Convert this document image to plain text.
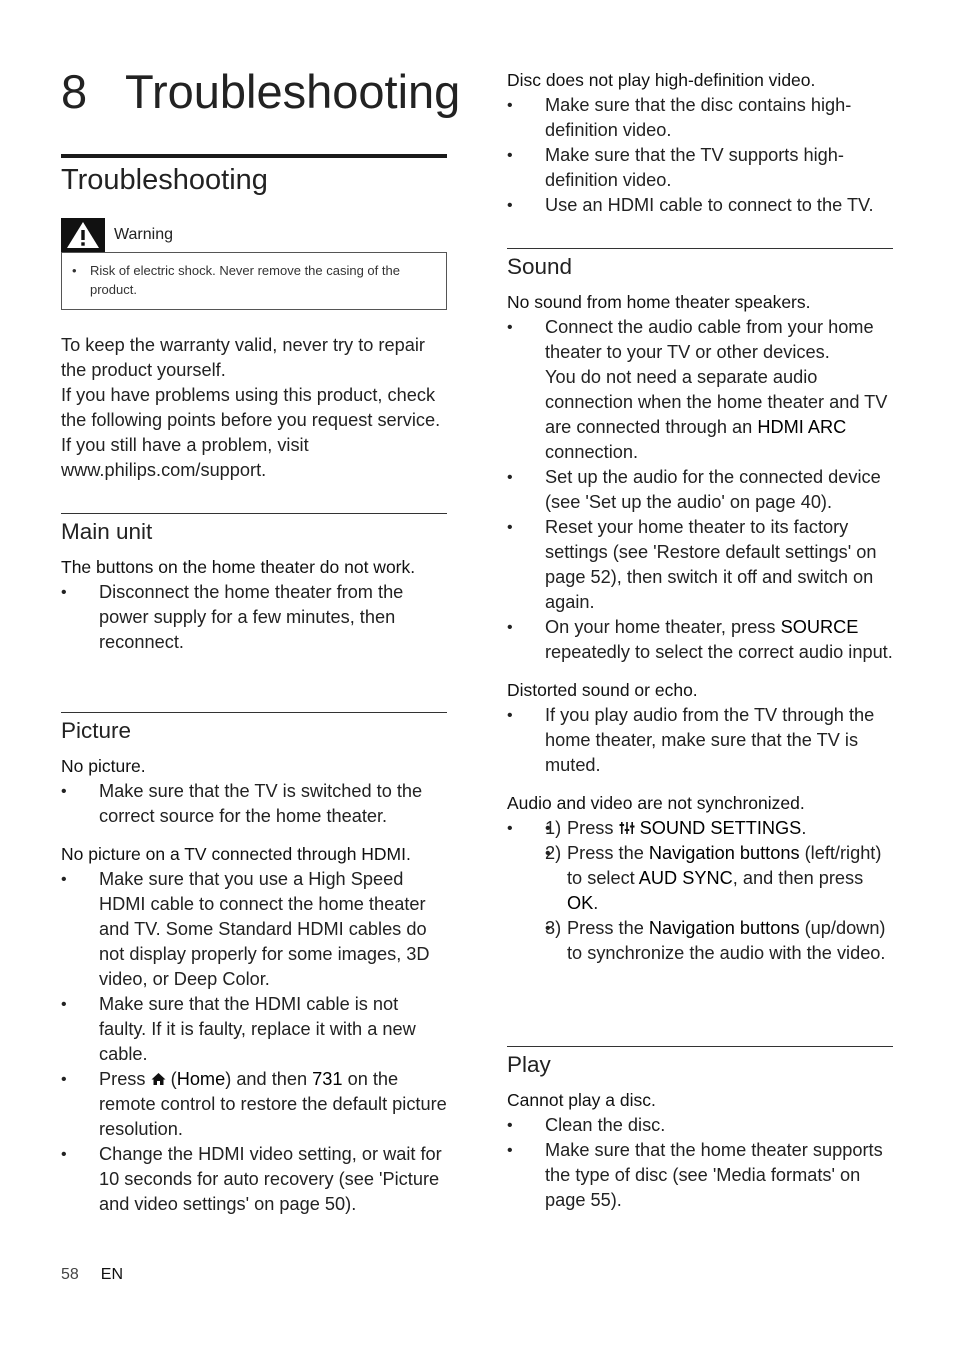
8 Troubleshooting
Troubleshooting
Warning
•	Risk of electric shock. Never remove the casing of the product.

To keep the warranty valid, never try to repair the product yourself.

If you have problems using this product, check the following points before you request service. If you still have a problem, visit www.philips.com/support.

Main unit

The buttons on the home theater do not work.

• Disconnect the home theater from the power supply for a few minutes, then reconnect.
Picture

No picture.

• Make sure that the TV is switched to the correct source for the home theater.

No picture on a TV connected through HDMI.

• Make sure that you use a High Speed HDMI cable to connect the home theater and TV. Some Standard HDMI cables do not display properly for some images, 3D video, or Deep Color.
• Make sure that the HDMI cable is not faulty. If it is faulty, replace it with a new cable.
• Press  (Home) and then 731 on the remote control to restore the default picture resolution.
• Change the HDMI video setting, or wait for 10 seconds for auto recovery (see 'Picture and video settings' on page 50).

Disc does not play high-definition video.

• Make sure that the disc contains high-definition video.
• Make sure that the TV supports high-definition video.
• Use an HDMI cable to connect to the TV.
Sound

No sound from home theater speakers.

• Connect the audio cable from your home theater to your TV or other devices.
You do not need a separate audio connection when the home theater and TV are connected through an HDMI ARC connection.
• Set up the audio for the connected device (see 'Set up the audio' on page 40).
• Reset your home theater to its factory settings (see 'Restore default settings' on page 52), then switch it off and switch on again.
• On your home theater, press SOURCE repeatedly to select the correct audio input.

Distorted sound or echo.

• If you play audio from the TV through the home theater, make sure that the TV is muted.

Audio and video are not synchronized.

• • 1) Press SOUND SETTINGS.
• 2) Press the Navigation buttons (left/right) to select AUD SYNC, and then press OK.
• 3) Press the Navigation buttons (up/down) to synchronize the audio with the video.
Play

Cannot play a disc.

• Clean the disc.
• Make sure that the home theater supports the type of disc (see 'Media formats' on page 55).
58 EN
